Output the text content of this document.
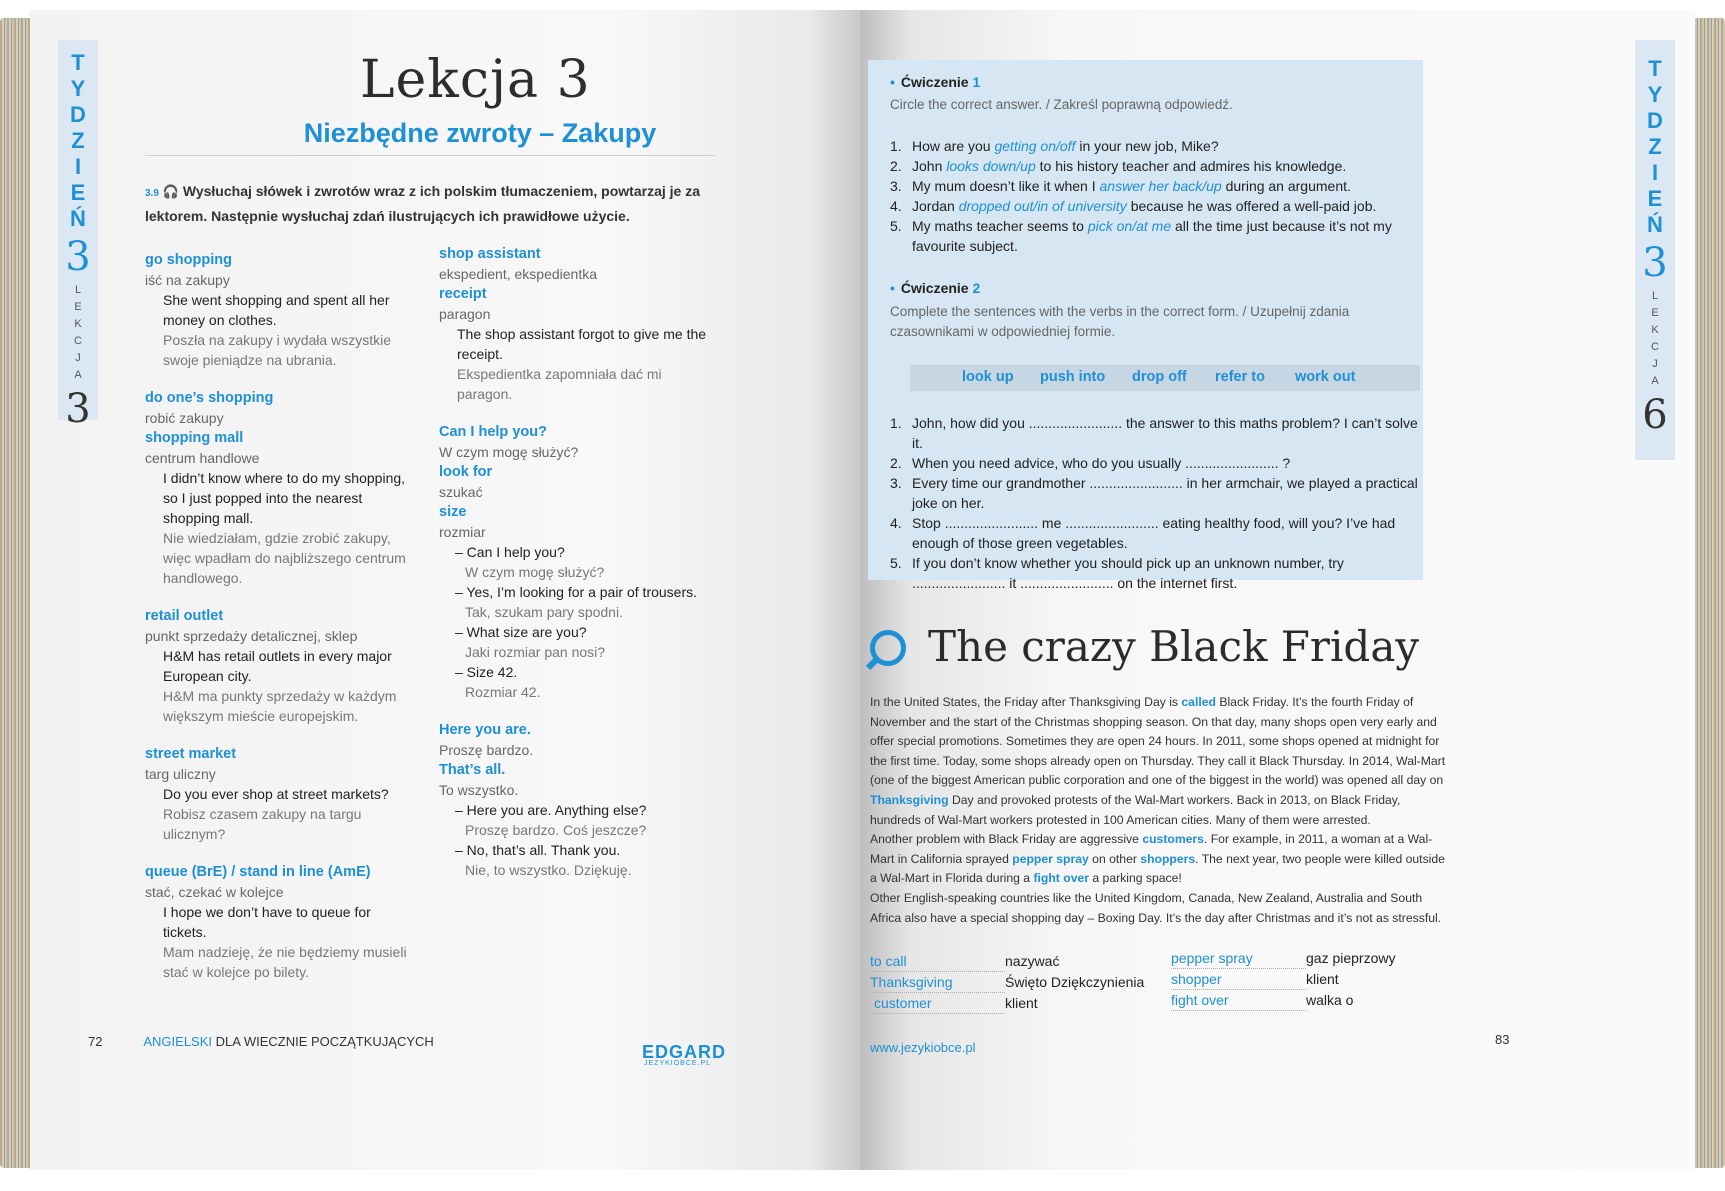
T
Y
D
Z
I
E
Ń
3
L
E
K
C
J
A
3
Lekcja 3
Niezbędne zwroty – Zakupy
3.9 🎧 Wysłuchaj słówek i zwrotów wraz z ich polskim tłumaczeniem, powtarzaj je za lektorem. Następnie wysłuchaj zdań ilustrujących ich prawidłowe użycie.
go shopping
iść na zakupy
She went shopping and spent all her money on clothes.
Poszła na zakupy i wydała wszystkie swoje pieniądze na ubrania.
do one’s shopping
robić zakupy
shopping mall
centrum handlowe
I didn’t know where to do my shopping, so I just popped into the nearest shopping mall.
Nie wiedziałam, gdzie zrobić zakupy, więc wpadłam do najbliższego centrum handlowego.
retail outlet
punkt sprzedaży detalicznej, sklep
H&M has retail outlets in every major European city.
H&M ma punkty sprzedaży w każdym większym mieście europejskim.
street market
targ uliczny
Do you ever shop at street markets?
Robisz czasem zakupy na targu ulicznym?
queue (BrE) / stand in line (AmE)
stać, czekać w kolejce
I hope we don’t have to queue for tickets.
Mam nadzieję, że nie będziemy musieli stać w kolejce po bilety.
shop assistant
ekspedient, ekspedientka
receipt
paragon
The shop assistant forgot to give me the receipt.
Ekspedientka zapomniała dać mi paragon.
Can I help you?
W czym mogę służyć?
look for
szukać
size
rozmiar
– Can I help you?
W czym mogę służyć?
– Yes, I’m looking for a pair of trousers.
Tak, szukam pary spodni.
– What size are you?
Jaki rozmiar pan nosi?
– Size 42.
Rozmiar 42.
Here you are.
Proszę bardzo.
That’s all.
To wszystko.
– Here you are. Anything else?
Proszę bardzo. Coś jeszcze?
– No, that’s all. Thank you.
Nie, to wszystko. Dziękuję.
72	ANGIELSKI DLA WIECZNIE POCZĄTKUJĄCYCH
EDGARD
JEZYKIOBCE.PL
• Ćwiczenie 1
Circle the correct answer. / Zakreśl poprawną odpowiedź.
1. How are you getting on/off in your new job, Mike?
2. John looks down/up to his history teacher and admires his knowledge.
3. My mum doesn’t like it when I answer her back/up during an argument.
4. Jordan dropped out/in of university because he was offered a well-paid job.
5. My maths teacher seems to pick on/at me all the time just because it’s not my favourite subject.
• Ćwiczenie 2
Complete the sentences with the verbs in the correct form. / Uzupełnij zdania czasownikami w odpowiedniej formie.
look up push into drop off refer to work out
1. John, how did you ........................ the answer to this maths problem? I can’t solve it.
2. When you need advice, who do you usually ........................ ?
3. Every time our grandmother ........................ in her armchair, we played a practical joke on her.
4. Stop ........................ me ........................ eating healthy food, will you? I’ve had enough of those green vegetables.
5. If you don’t know whether you should pick up an unknown number, try ........................ it ........................ on the internet first.
T
Y
D
Z
I
E
Ń
3
L
E
K
C
J
A
6
The crazy Black Friday
In the United States, the Friday after Thanksgiving Day is called Black Friday. It’s the fourth Friday of November and the start of the Christmas shopping season. On that day, many shops open very early and offer special promotions. Sometimes they are open 24 hours. In 2011, some shops opened at midnight for the first time. Today, some shops already open on Thursday. They call it Black Thursday. In 2014, Wal-Mart (one of the biggest American public corporation and one of the biggest in the world) was opened all day on Thanksgiving Day and provoked protests of the Wal-Mart workers. Back in 2013, on Black Friday, hundreds of Wal-Mart workers protested in 100 American cities. Many of them were arrested.
Another problem with Black Friday are aggressive customers. For example, in 2011, a woman at a Wal-Mart in California sprayed pepper spray on other shoppers. The next year, two people were killed outside a Wal-Mart in Florida during a fight over a parking space!
Other English-speaking countries like the United Kingdom, Canada, New Zealand, Australia and South Africa also have a special shopping day – Boxing Day. It’s the day after Christmas and it’s not as stressful.
to call	nazywać
Thanksgiving	Święto Dziękczynienia
customer	klient
pepper spray	gaz pieprzowy
shopper	klient
fight over	walka o
www.jezykiobce.pl
83
